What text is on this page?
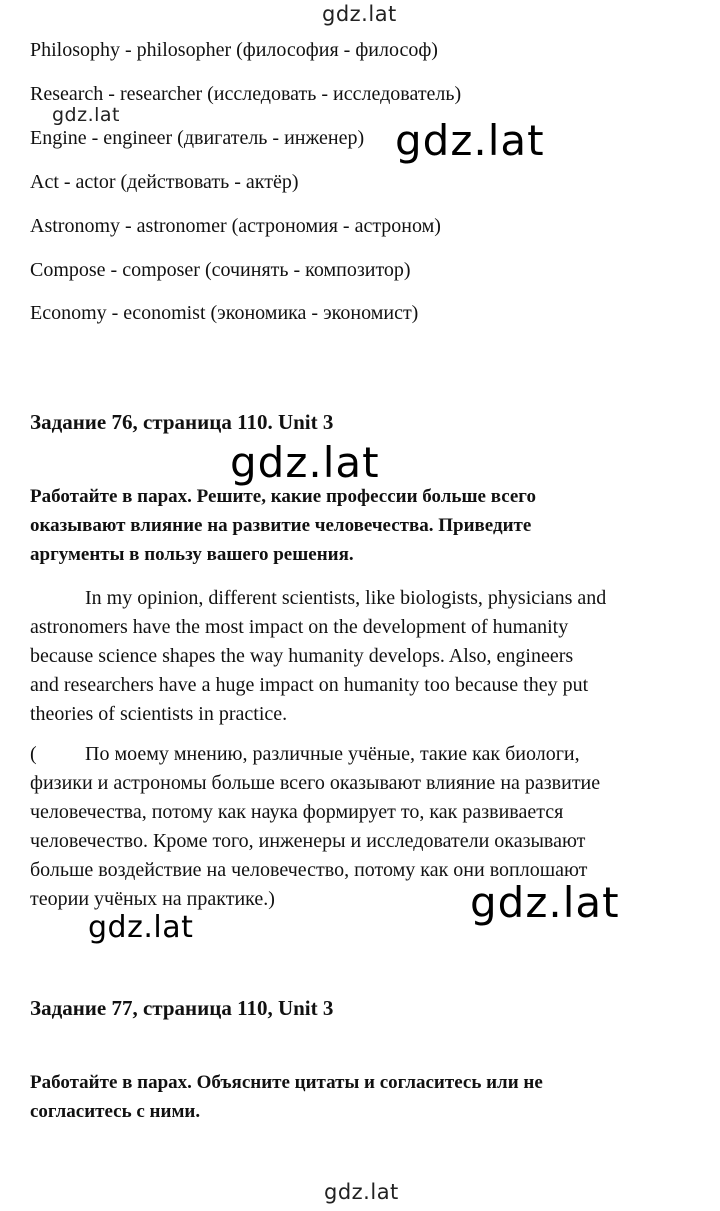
gdz.lat
gdz.lat
gdz.lat
gdz.lat
gdz.lat
gdz.lat
gdz.lat
Philosophy - philosopher (философия - философ)
Research - researcher (исследовать - исследователь)
Engine - engineer (двигатель - инженер)
Act - actor (действовать - актёр)
Astronomy - astronomer (астрономия - астроном)
Compose - composer (сочинять - композитор)
Economy - economist (экономика - экономист)
Задание 76, страница 110. Unit 3
Работайте в парах. Решите, какие профессии больше всего
оказывают влияние на развитие человечества. Приведите
аргументы в пользу вашего решения.
In my opinion, different scientists, like biologists, physicians and
astronomers have the most impact on the development of humanity
because science shapes the way humanity develops. Also, engineers
and researchers have a huge impact on humanity too because they put
theories of scientists in practice.
( По моему мнению, различные учёные, такие как биологи,
физики и астрономы больше всего оказывают влияние на развитие
человечества, потому как наука формирует то, как развивается
человечество. Кроме того, инженеры и исследователи оказывают
больше воздействие на человечество, потому как они воплошают
теории учёных на практике.)
Задание 77, страница 110, Unit 3
Работайте в парах. Объясните цитаты и согласитесь или не
согласитесь с ними.
